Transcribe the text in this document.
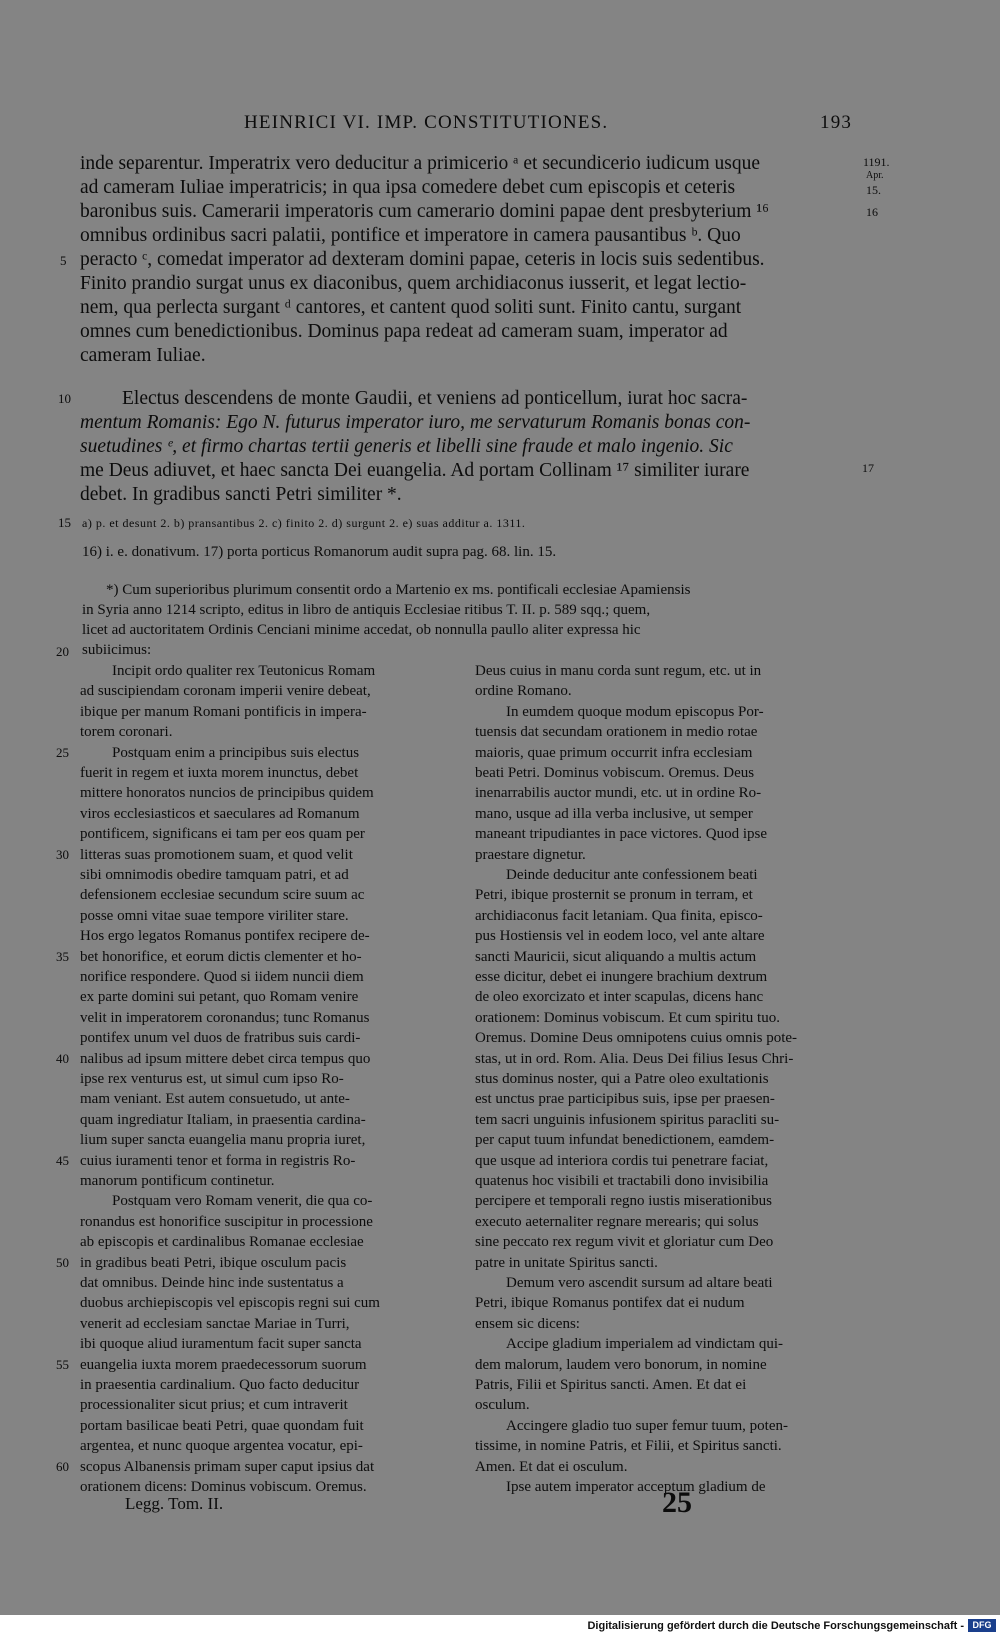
HEINRICI VI. IMP. CONSTITUTIONES.	193
1191.
Apr.
15.
16
17
inde separentur. Imperatrix vero deducitur a primicerio ᵃ et secundicerio iudicum usque
ad cameram Iuliae imperatricis; in qua ipsa comedere debet cum episcopis et ceteris
baronibus suis. Camerarii imperatoris cum camerario domini papae dent presbyterium ¹⁶
omnibus ordinibus sacri palatii, pontifice et imperatore in camera pausantibus ᵇ. Quo
peracto ᶜ, comedat imperator ad dexteram domini papae, ceteris in locis suis sedentibus.
Finito prandio surgat unus ex diaconibus, quem archidiaconus iusserit, et legat lectio-
nem, qua perlecta surgant ᵈ cantores, et cantent quod soliti sunt. Finito cantu, surgant
omnes cum benedictionibus. Dominus papa redeat ad cameram suam, imperator ad
cameram Iuliae.
Electus descendens de monte Gaudii, et veniens ad ponticellum, iurat hoc sacra-
mentum Romanis: Ego N. futurus imperator iuro, me servaturum Romanis bonas con-
suetudines ᵉ, et firmo chartas tertii generis et libelli sine fraude et malo ingenio. Sic
me Deus adiuvet, et haec sancta Dei euangelia. Ad portam Collinam ¹⁷ similiter iurare
debet. In gradibus sancti Petri similiter *.
5
10
15 a) p. et desunt 2. b) pransantibus 2. c) finito 2. d) surgunt 2. e) suas additur a. 1311.
16) i. e. donativum. 17) porta porticus Romanorum audit supra pag. 68. lin. 15.
*) Cum superioribus plurimum consentit ordo a Martenio ex ms. pontificali ecclesiae Apamiensis
in Syria anno 1214 scripto, editus in libro de antiquis Ecclesiae ritibus T. II. p. 589 sqq.; quem,
licet ad auctoritatem Ordinis Cenciani minime accedat, ob nonnulla paullo aliter expressa hic
subiicimus:
Incipit ordo qualiter rex Teutonicus Romam
ad suscipiendam coronam imperii venire debeat,
ibique per manum Romani pontificis in impera-
torem coronari.
Postquam enim a principibus suis electus
fuerit in regem et iuxta morem inunctus, debet
mittere honoratos nuncios de principibus quidem
viros ecclesiasticos et saeculares ad Romanum
pontificem, significans ei tam per eos quam per
litteras suas promotionem suam, et quod velit
sibi omnimodis obedire tamquam patri, et ad
defensionem ecclesiae secundum scire suum ac
posse omni vitae suae tempore viriliter stare.
Hos ergo legatos Romanus pontifex recipere de-
bet honorifice, et eorum dictis clementer et ho-
norifice respondere. Quod si iidem nuncii diem
ex parte domini sui petant, quo Romam venire
velit in imperatorem coronandus; tunc Romanus
pontifex unum vel duos de fratribus suis cardi-
nalibus ad ipsum mittere debet circa tempus quo
ipse rex venturus est, ut simul cum ipso Ro-
mam veniant. Est autem consuetudo, ut ante-
quam ingrediatur Italiam, in praesentia cardina-
lium super sancta euangelia manu propria iuret,
cuius iuramenti tenor et forma in registris Ro-
manorum pontificum continetur.
Postquam vero Romam venerit, die qua co-
ronandus est honorifice suscipitur in processione
ab episcopis et cardinalibus Romanae ecclesiae
in gradibus beati Petri, ibique osculum pacis
dat omnibus. Deinde hinc inde sustentatus a
duobus archiepiscopis vel episcopis regni sui cum
venerit ad ecclesiam sanctae Mariae in Turri,
ibi quoque aliud iuramentum facit super sancta
euangelia iuxta morem praedecessorum suorum
in praesentia cardinalium. Quo facto deducitur
processionaliter sicut prius; et cum intraverit
portam basilicae beati Petri, quae quondam fuit
argentea, et nunc quoque argentea vocatur, epi-
scopus Albanensis primam super caput ipsius dat
orationem dicens: Dominus vobiscum. Oremus.
Deus cuius in manu corda sunt regum, etc. ut in
ordine Romano.
In eumdem quoque modum episcopus Por-
tuensis dat secundam orationem in medio rotae
maioris, quae primum occurrit infra ecclesiam
beati Petri. Dominus vobiscum. Oremus. Deus
inenarrabilis auctor mundi, etc. ut in ordine Ro-
mano, usque ad illa verba inclusive, ut semper
maneant tripudiantes in pace victores. Quod ipse
praestare dignetur.
Deinde deducitur ante confessionem beati
Petri, ibique prosternit se pronum in terram, et
archidiaconus facit letaniam. Qua finita, episco-
pus Hostiensis vel in eodem loco, vel ante altare
sancti Mauricii, sicut aliquando a multis actum
esse dicitur, debet ei inungere brachium dextrum
de oleo exorcizato et inter scapulas, dicens hanc
orationem: Dominus vobiscum. Et cum spiritu tuo.
Oremus. Domine Deus omnipotens cuius omnis pote-
stas, ut in ord. Rom. Alia. Deus Dei filius Iesus Chri-
stus dominus noster, qui a Patre oleo exultationis
est unctus prae participibus suis, ipse per praesen-
tem sacri unguinis infusionem spiritus paracliti su-
per caput tuum infundat benedictionem, eamdem-
que usque ad interiora cordis tui penetrare faciat,
quatenus hoc visibili et tractabili dono invisibilia
percipere et temporali regno iustis miserationibus
executo aeternaliter regnare merearis; qui solus
sine peccato rex regum vivit et gloriatur cum Deo
patre in unitate Spiritus sancti.
Demum vero ascendit sursum ad altare beati
Petri, ibique Romanus pontifex dat ei nudum
ensem sic dicens:
Accipe gladium imperialem ad vindictam qui-
dem malorum, laudem vero bonorum, in nomine
Patris, Filii et Spiritus sancti. Amen. Et dat ei
osculum.
Accingere gladio tuo super femur tuum, poten-
tissime, in nomine Patris, et Filii, et Spiritus sancti.
Amen. Et dat ei osculum.
Ipse autem imperator acceptum gladium de
20
25
30
35
40
45
50
55
60
Legg. Tom. II.	25
Digitalisierung gefördert durch die Deutsche Forschungsgemeinschaft - DFG
